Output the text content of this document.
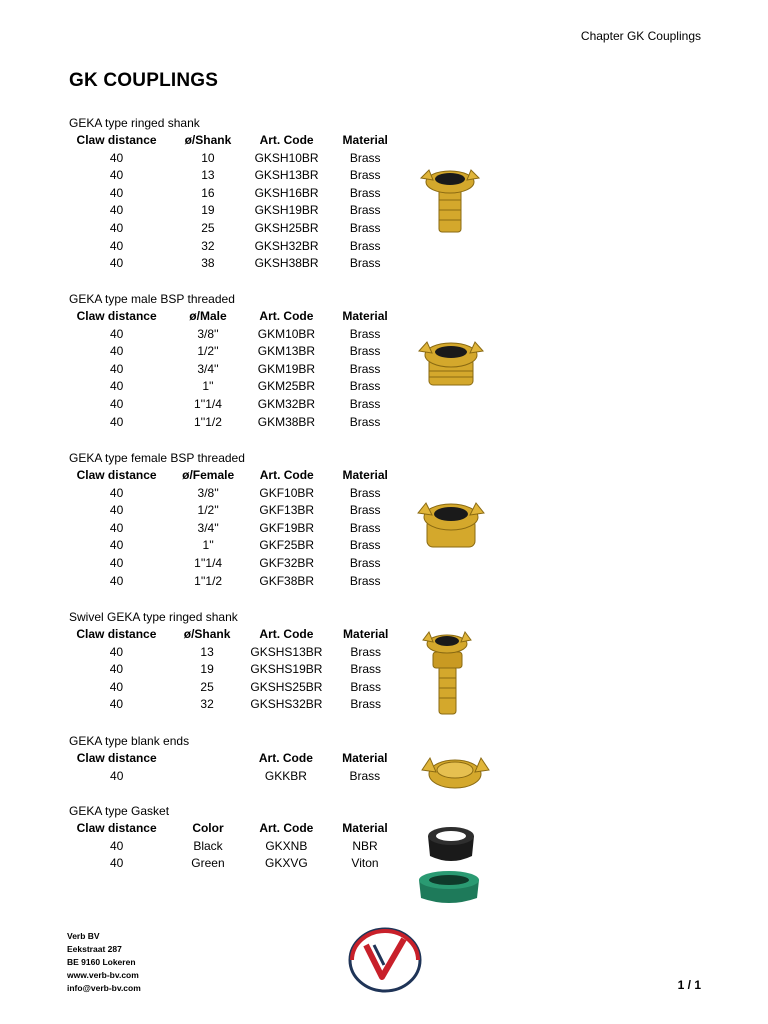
Chapter GK Couplings
GK COUPLINGS
GEKA type ringed shank
Claw distance	ø/Shank	Art. Code	Material
40	10	GKSH10BR	Brass
40	13	GKSH13BR	Brass
40	16	GKSH16BR	Brass
40	19	GKSH19BR	Brass
40	25	GKSH25BR	Brass
40	32	GKSH32BR	Brass
40	38	GKSH38BR	Brass
GEKA type male BSP threaded
Claw distance	ø/Male	Art. Code	Material
40	3/8''	GKM10BR	Brass
40	1/2''	GKM13BR	Brass
40	3/4''	GKM19BR	Brass
40	1''	GKM25BR	Brass
40	1''1/4	GKM32BR	Brass
40	1''1/2	GKM38BR	Brass
GEKA type female BSP threaded
Claw distance	ø/Female	Art. Code	Material
40	3/8''	GKF10BR	Brass
40	1/2''	GKF13BR	Brass
40	3/4''	GKF19BR	Brass
40	1''	GKF25BR	Brass
40	1''1/4	GKF32BR	Brass
40	1''1/2	GKF38BR	Brass
Swivel GEKA type ringed shank
Claw distance	ø/Shank	Art. Code	Material
40	13	GKSHS13BR	Brass
40	19	GKSHS19BR	Brass
40	25	GKSHS25BR	Brass
40	32	GKSHS32BR	Brass
GEKA type blank ends
Claw distance		Art. Code	Material
40		GKKBR	Brass
GEKA type Gasket
Claw distance	Color	Art. Code	Material
40	Black	GKXNB	NBR
40	Green	GKXVG	Viton
Verb BV
Eekstraat 287
BE 9160 Lokeren
www.verb-bv.com
info@verb-bv.com	1 / 1
